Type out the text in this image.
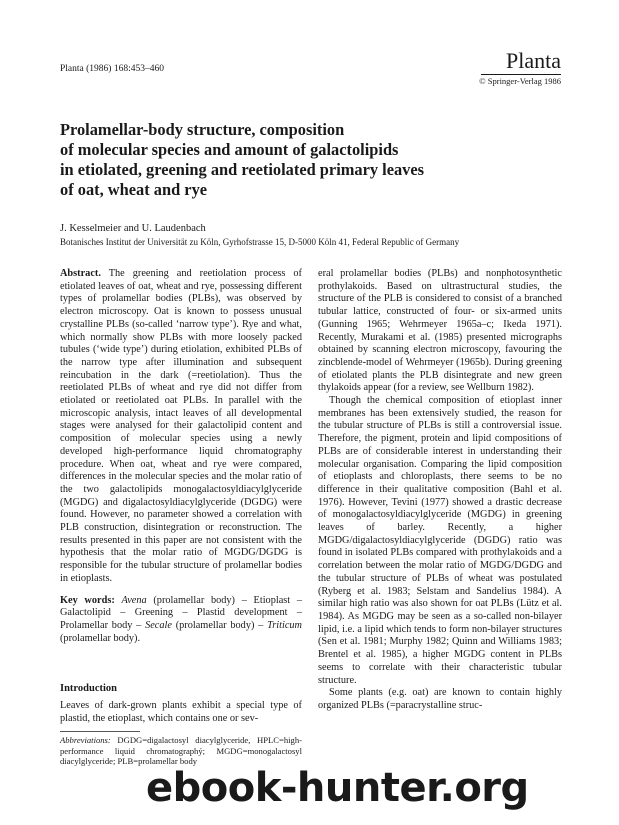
Planta (1986) 168:453–460	Planta
© Springer-Verlag 1986
Prolamellar-body structure, composition
of molecular species and amount of galactolipids
in etiolated, greening and reetiolated primary leaves
of oat, wheat and rye
J. Kesselmeier and U. Laudenbach
Botanisches Institut der Universität zu Köln, Gyrhofstrasse 15, D-5000 Köln 41, Federal Republic of Germany

Abstract. The greening and reetiolation process of etiolated leaves of oat, wheat and rye, possessing different types of prolamellar bodies (PLBs), was observed by electron microscopy. Oat is known to possess unusual crystalline PLBs (so-called ‘narrow type’). Rye and what, which normally show PLBs with more loosely packed tubules (‘wide type’) during etiolation, exhibited PLBs of the narrow type after illumination and subsequent reincubation in the dark (=reetiolation). Thus the reetiolated PLBs of wheat and rye did not differ from etiolated or reetiolated oat PLBs. In parallel with the microscopic analysis, intact leaves of all developmental stages were analysed for their galactolipid content and composition of molecular species using a newly developed high-performance liquid chromatography procedure. When oat, wheat and rye were compared, differences in the molecular species and the molar ratio of the two galactolipids monogalactosyldiacylglyceride (MGDG) and digalactosyldiacylglyceride (DGDG) were found. However, no parameter showed a correlation with PLB construction, disintegration or reconstruction. The results presented in this paper are not consistent with the hypothesis that the molar ratio of MGDG/DGDG is responsible for the tubular structure of prolamellar bodies in etioplasts.

Key words: Avena (prolamellar body) – Etioplast – Galactolipid – Greening – Plastid development – Prolamellar body – Secale (prolamellar body) – Triticum (prolamellar body).

Introduction
Leaves of dark-grown plants exhibit a special type of plastid, the etioplast, which contains one or sev-
Abbreviations: DGDG=digalactosyl diacylglyceride, HPLC=high-performance liquid chromatographý; MGDG=monogalactosyl diacylglyceride; PLB=prolamellar body

eral prolamellar bodies (PLBs) and nonphotosynthetic prothylakoids. Based on ultrastructural studies, the structure of the PLB is considered to consist of a branched tubular lattice, constructed of four- or six-armed units (Gunning 1965; Wehrmeyer 1965a–c; Ikeda 1971). Recently, Murakami et al. (1985) presented micrographs obtained by scanning electron microscopy, favouring the zincblende-model of Wehrmeyer (1965b). During greening of etiolated plants the PLB disintegrate and new green thylakoids appear (for a review, see Wellburn 1982).

Though the chemical composition of etioplast inner membranes has been extensively studied, the reason for the tubular structure of PLBs is still a controversial issue. Therefore, the pigment, protein and lipid compositions of PLBs are of considerable interest in understanding their molecular organisation. Comparing the lipid composition of etioplasts and chloroplasts, there seems to be no difference in their qualitative composition (Bahl et al. 1976). However, Tevini (1977) showed a drastic decrease of monogalactosyldiacylglyceride (MGDG) in greening leaves of barley. Recently, a higher MGDG/digalactosyldiacylglyceride (DGDG) ratio was found in isolated PLBs compared with prothylakoids and a correlation between the molar ratio of MGDG/DGDG and the tubular structure of PLBs of wheat was postulated (Ryberg et al. 1983; Selstam and Sandelius 1984). A similar high ratio was also shown for oat PLBs (Lütz et al. 1984). As MGDG may be seen as a so-called non-bilayer lipid, i.e. a lipid which tends to form non-bilayer structures (Sen et al. 1981; Murphy 1982; Quinn and Williams 1983; Brentel et al. 1985), a higher MGDG content in PLBs seems to correlate with their characteristic tubular structure.

Some plants (e.g. oat) are known to contain highly organized PLBs (=paracrystalline struc-

ebook-hunter.org
